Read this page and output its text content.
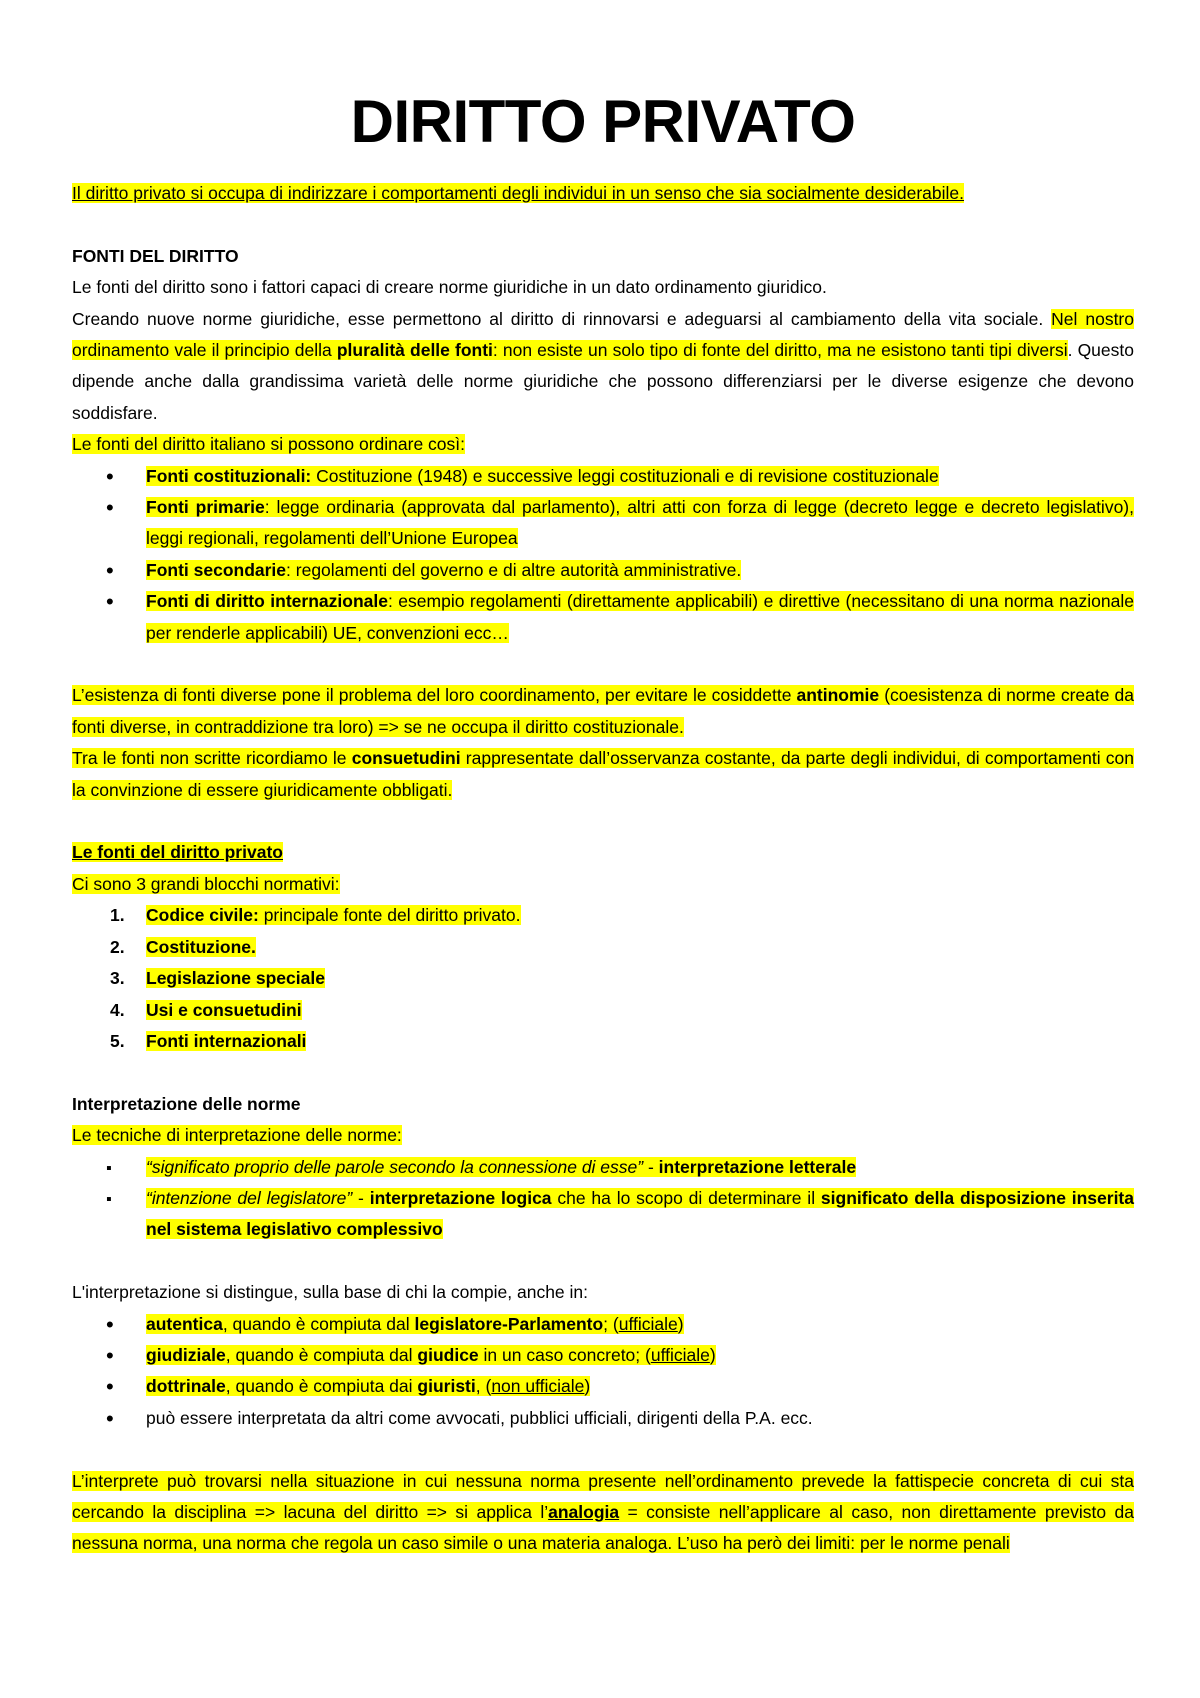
DIRITTO PRIVATO

Il diritto privato si occupa di indirizzare i comportamenti degli individui in un senso che sia socialmente desiderabile.

FONTI DEL DIRITTO

Le fonti del diritto sono i fattori capaci di creare norme giuridiche in un dato ordinamento giuridico.

Creando nuove norme giuridiche, esse permettono al diritto di rinnovarsi e adeguarsi al cambiamento della vita sociale. Nel nostro ordinamento vale il principio della pluralità delle fonti: non esiste un solo tipo di fonte del diritto, ma ne esistono tanti tipi diversi. Questo dipende anche dalla grandissima varietà delle norme giuridiche che possono differenziarsi per le diverse esigenze che devono soddisfare.

Le fonti del diritto italiano si possono ordinare così:

•
Fonti costituzionali: Costituzione (1948) e successive leggi costituzionali e di revisione costituzionale
•
Fonti primarie: legge ordinaria (approvata dal parlamento), altri atti con forza di legge (decreto legge e decreto legislativo), leggi regionali, regolamenti dell’Unione Europea
•
Fonti secondarie: regolamenti del governo e di altre autorità amministrative.
•
Fonti di diritto internazionale: esempio regolamenti (direttamente applicabili) e direttive (necessitano di una norma nazionale per renderle applicabili) UE, convenzioni ecc…

L’esistenza di fonti diverse pone il problema del loro coordinamento, per evitare le cosiddette antinomie (coesistenza di norme create da fonti diverse, in contraddizione tra loro) => se ne occupa il diritto costituzionale.

Tra le fonti non scritte ricordiamo le consuetudini rappresentate dall’osservanza costante, da parte degli individui, di comportamenti con la convinzione di essere giuridicamente obbligati.

Le fonti del diritto privato

Ci sono 3 grandi blocchi normativi:

1.	Codice civile: principale fonte del diritto privato.
2.	Costituzione.
3.	Legislazione speciale
4.	Usi e consuetudini
5.	Fonti internazionali

Interpretazione delle norme

Le tecniche di interpretazione delle norme:

▪
“significato proprio delle parole secondo la connessione di esse” - interpretazione letterale
▪
“intenzione del legislatore” - interpretazione logica che ha lo scopo di determinare il significato della disposizione inserita nel sistema legislativo complessivo

L'interpretazione si distingue, sulla base di chi la compie, anche in:

•
autentica, quando è compiuta dal legislatore-Parlamento; (ufficiale)
•
giudiziale, quando è compiuta dal giudice in un caso concreto; (ufficiale)
•
dottrinale, quando è compiuta dai giuristi, (non ufficiale)
•
può essere interpretata da altri come avvocati, pubblici ufficiali, dirigenti della P.A. ecc.

L’interprete può trovarsi nella situazione in cui nessuna norma presente nell’ordinamento prevede la fattispecie concreta di cui sta cercando la disciplina => lacuna del diritto => si applica l’analogia = consiste nell’applicare al caso, non direttamente previsto da nessuna norma, una norma che regola un caso simile o una materia analoga. L’uso ha però dei limiti: per le norme penali
